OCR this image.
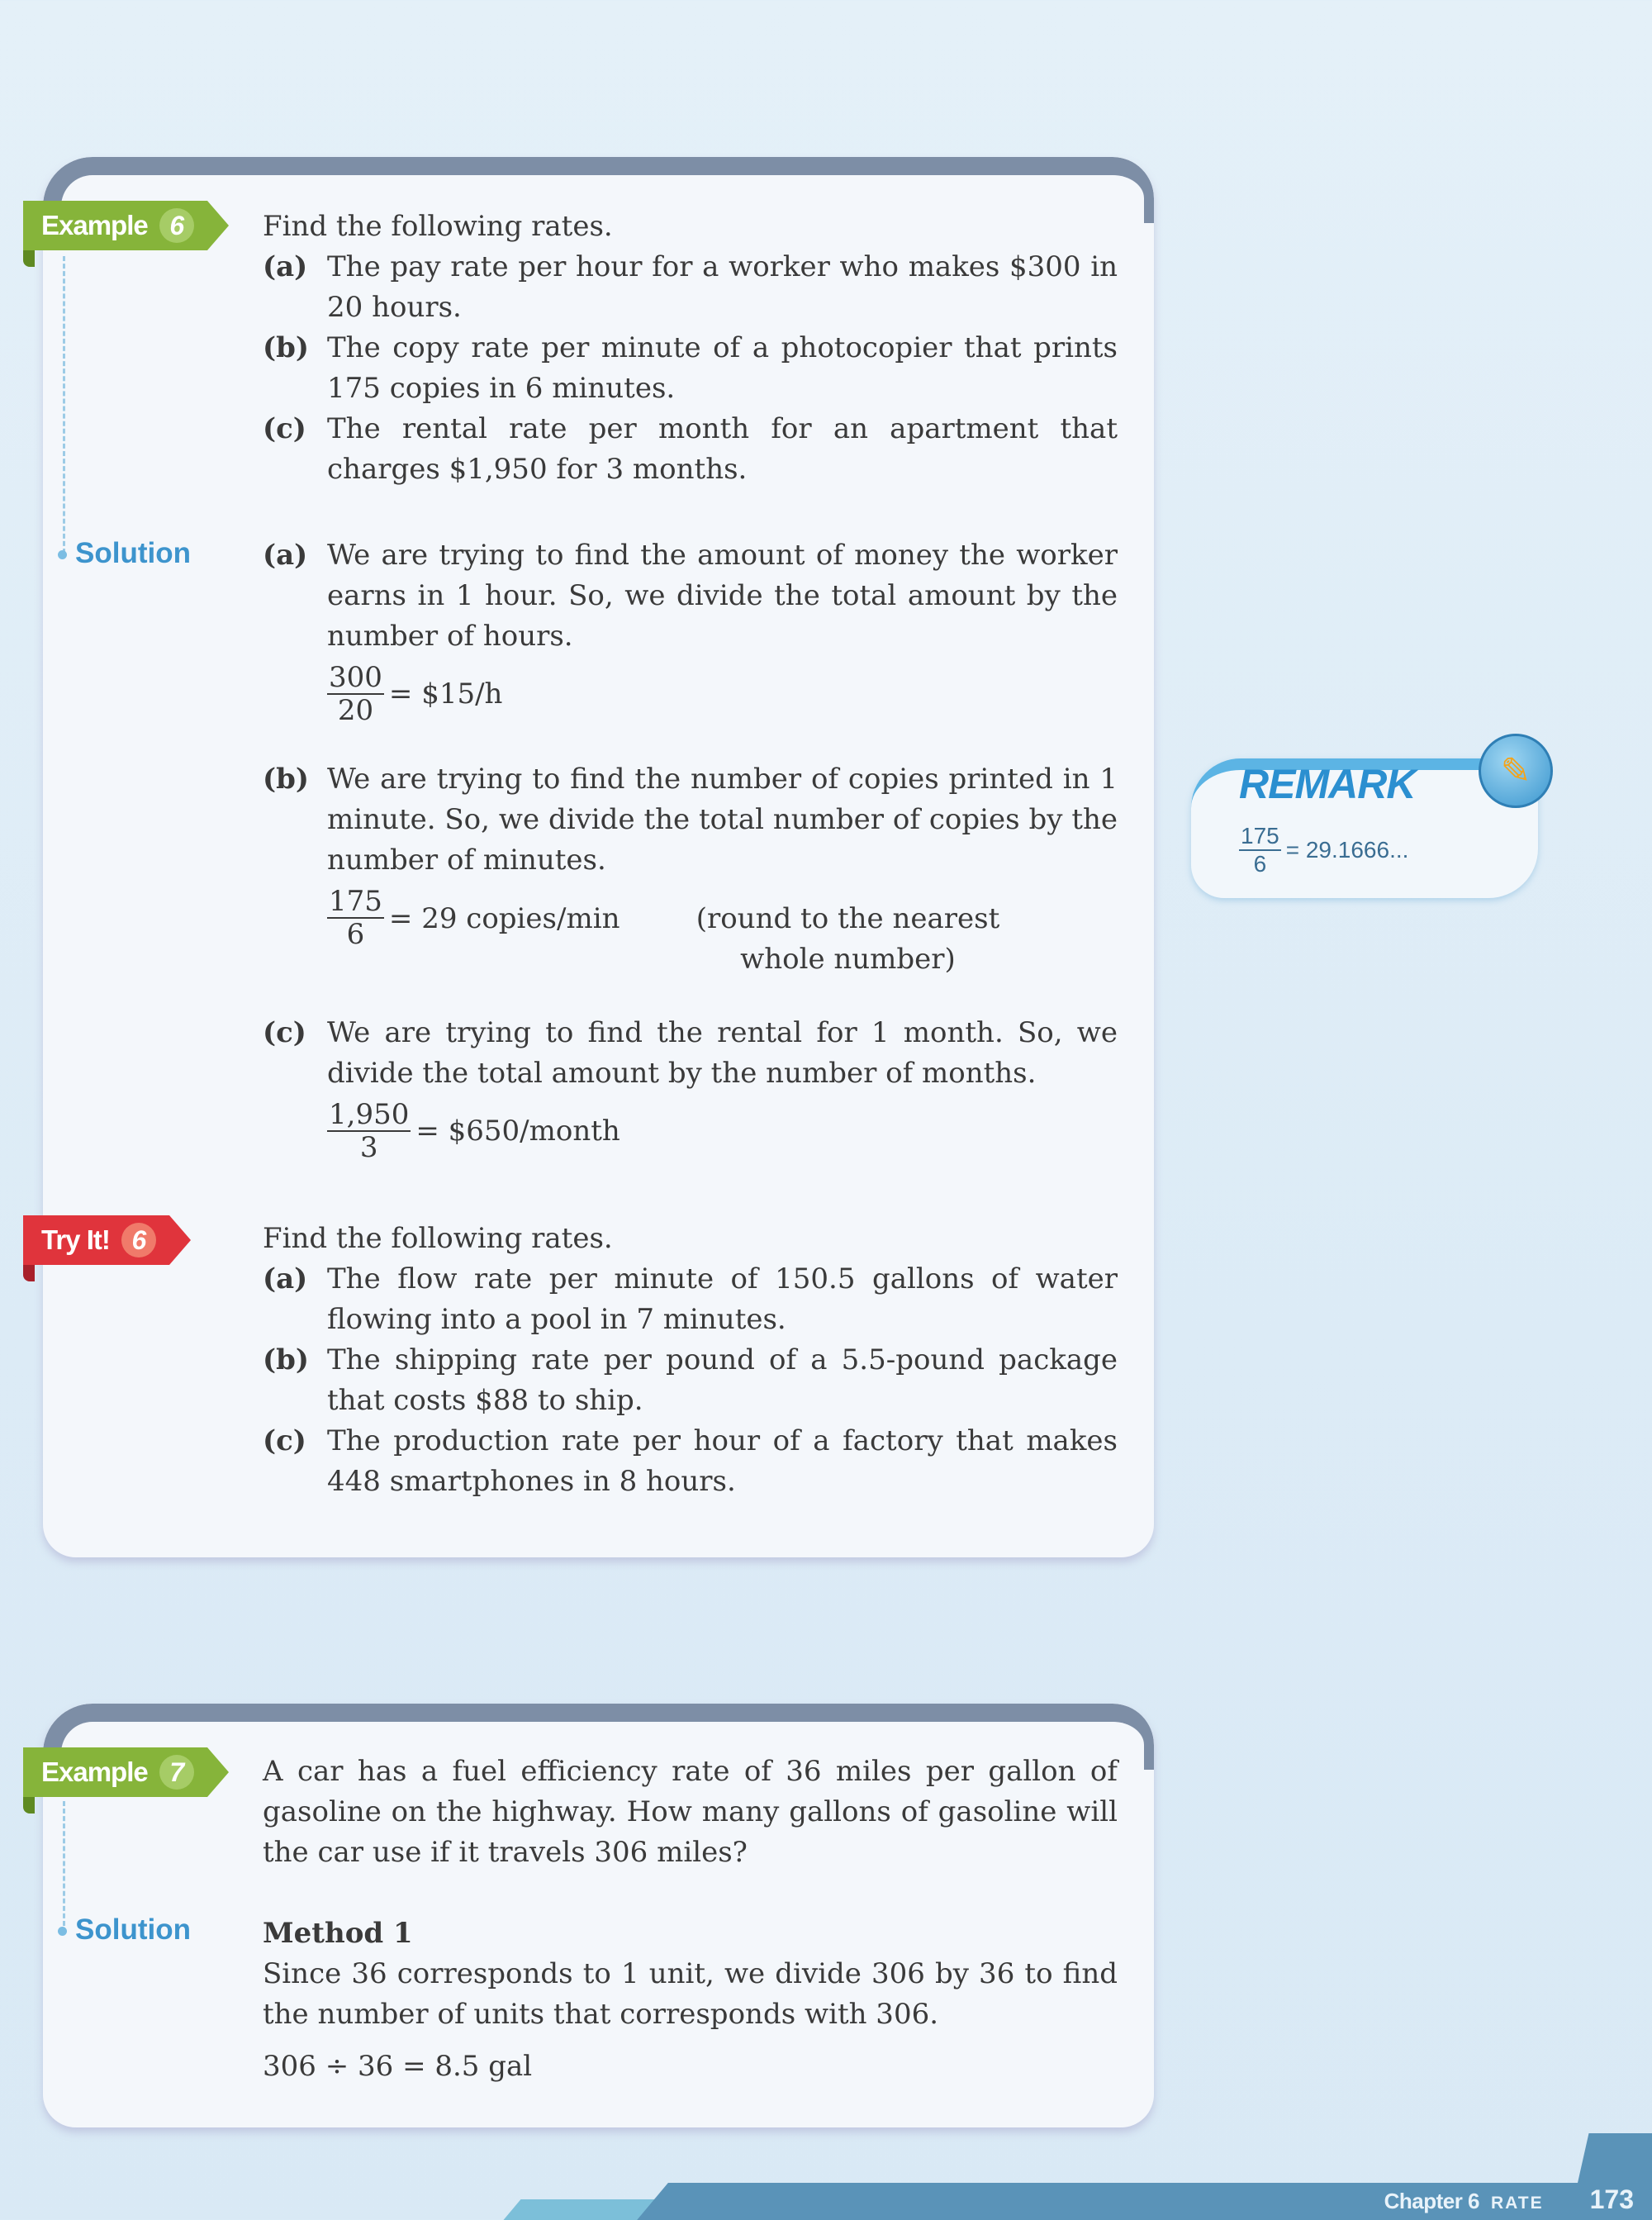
Example 6
Solution
Find the following rates.
(a) The pay rate per hour for a worker who makes $300 in 20 hours.
(b) The copy rate per minute of a photocopier that prints 175 copies in 6 minutes.
(c) The rental rate per month for an apartment that charges $1,950 for 3 months.
(a) We are trying to find the amount of money the worker earns in 1 hour. So, we divide the total amount by the number of hours.
$\frac{300}{20}$ = $15/h
(b) We are trying to find the number of copies printed in 1 minute. So, we divide the total number of copies by the number of minutes.
$\frac{175}{6} = 29$ copies/min	(round to the nearest whole number)
(c) We are trying to find the rental for 1 month. So, we divide the total amount by the number of months.
$\frac{1,950}{3}$ = $650/month
Try It! 6	Find the following rates.
(a) The flow rate per minute of 150.5 gallons of water flowing into a pool in 7 minutes.
(b) The shipping rate per pound of a 5.5-pound package that costs $88 to ship.
(c) The production rate per hour of a factory that makes 448 smartphones in 8 hours.
REMARK	✎
$\frac{175}{6} = 29.1666$...
Example 7
Solution
A car has a fuel efficiency rate of 36 miles per gallon of gasoline on the highway. How many gallons of gasoline will the car use if it travels 306 miles?
Method 1
Since 36 corresponds to 1 unit, we divide 306 by 36 to find the number of units that corresponds with 306.
306 ÷ 36 = 8.5 gal
Chapter 6 RATE 173
